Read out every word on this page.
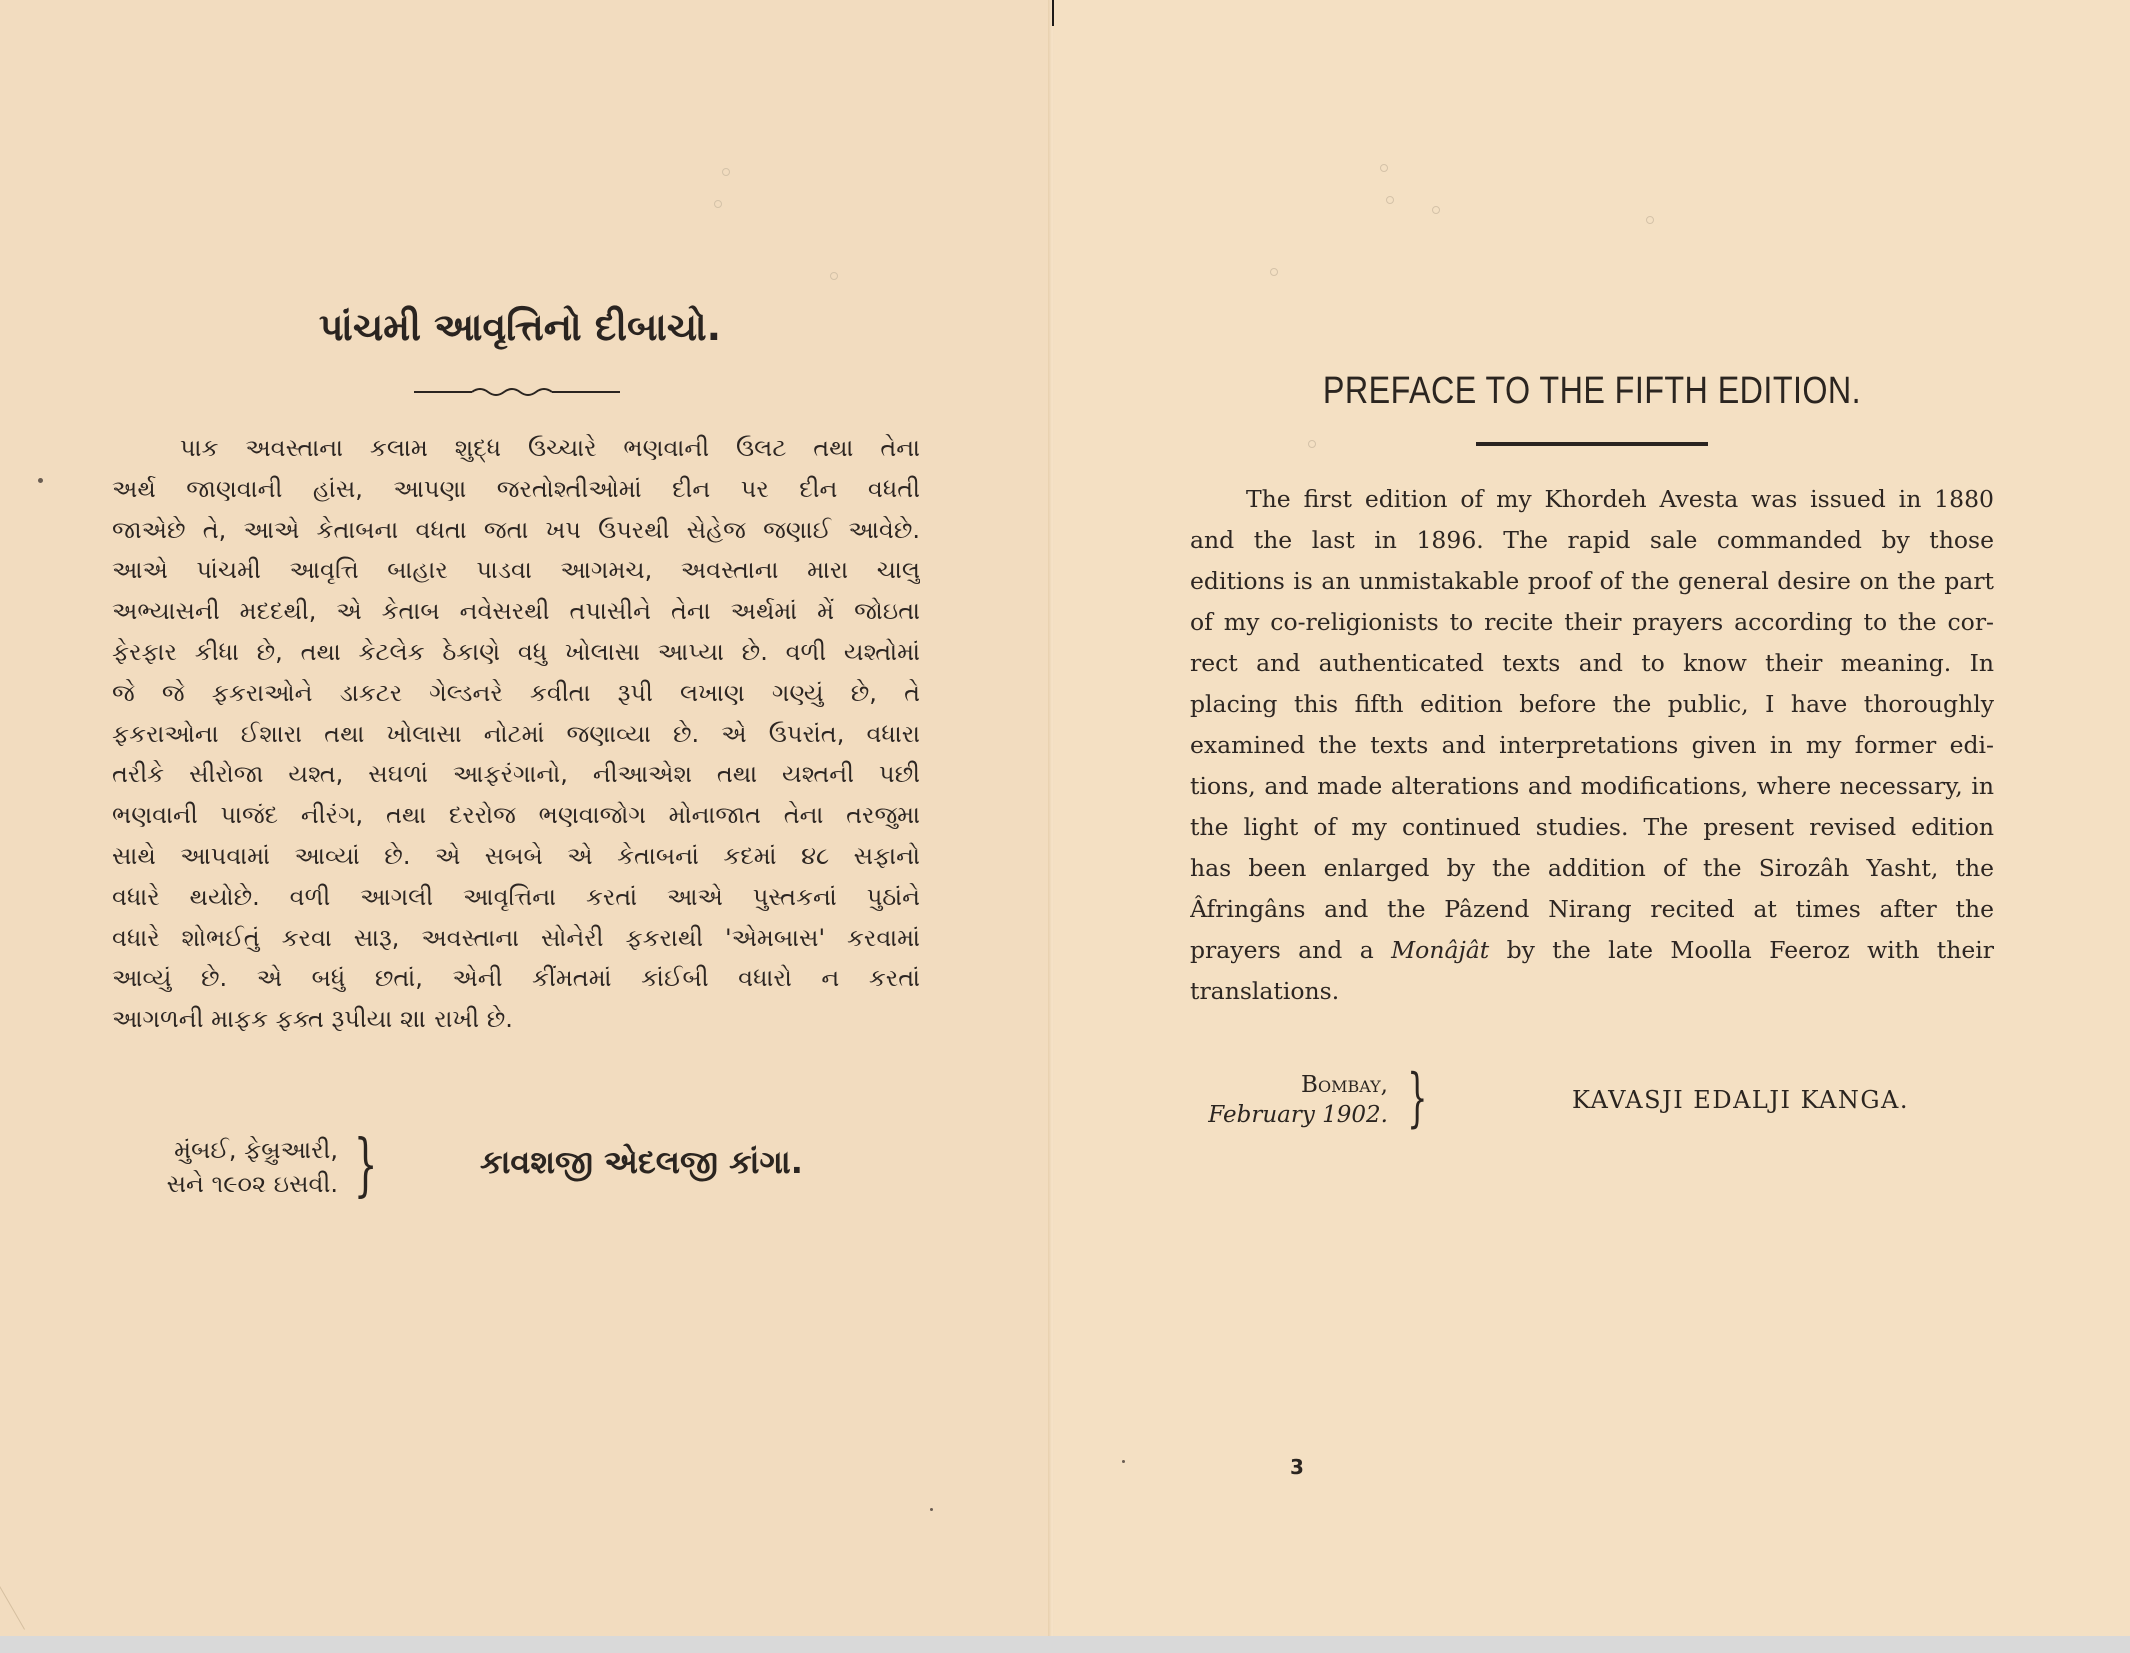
પાંચમી આવૃત્તિનો દીબાચો.
પાક અવસ્તાના કલામ શુદ્ધ ઉચ્ચારે ભણવાની ઉલટ તથા તેના
અર્થ જાણવાની હાંસ, આપણા જરતોશ્તીઓમાં દીન પર દીન વધતી
જાએછે તે, આએ કેતાબના વધતા જતા ખપ ઉપરથી સેહેજ જણાઈ આવેછે.
આએ પાંચમી આવૃત્તિ બાહાર પાડવા આગમચ, અવસ્તાના મારા ચાલુ
અભ્યાસની મદદથી, એ કેતાબ નવેસરથી તપાસીને તેના અર્થમાં મેં જોઇતા
ફેરફાર કીધા છે, તથા કેટલેક ઠેકાણે વધુ ખોલાસા આપ્યા છે. વળી યશ્તોમાં
જે જે ફકરાઓને ડાકટર ગેલ્ડનરે કવીતા રૂપી લખાણ ગણ્યું છે, તે
ફકરાઓના ઈશારા તથા ખોલાસા નોટમાં જણાવ્યા છે. એ ઉપરાંત, વધારા
તરીકે સીરોજા યશ્ત, સઘળાં આફરંગાનો, નીઆએશ તથા યશ્તની પછી
ભણવાની પાજંદ નીરંગ, તથા દરરોજ ભણવાજોગ મોનાજાત તેના તરજુમા
સાથે આપવામાં આવ્યાં છે. એ સબબે એ કેતાબનાં કદમાં ૪૮ સફાનો
વધારે થયોછે. વળી આગલી આવૃત્તિના કરતાં આએ પુસ્તકનાં પુઠાંને
વધારે શોભઈતું કરવા સારૂ, અવસ્તાના સોનેરી ફકરાથી 'એમબાસ' કરવામાં
આવ્યું છે. એ બધું છતાં, એની કીંમતમાં કાંઈબી વધારો ન કરતાં
આગળની માફક ફક્ત રૂપીયા ૨॥ રાખી છે.
મુંબઈ, ફેબ્રુઆરી,
સને ૧૯૦૨ ઇસવી. }	કાવશજી એદલજી કાંગા.
PREFACE TO THE FIFTH EDITION.
The first edition of my Khordeh Avesta was issued in 1880
and the last in 1896. The rapid sale commanded by those
editions is an unmistakable proof of the general desire on the part
of my co-religionists to recite their prayers according to the cor-
rect and authenticated texts and to know their meaning. In
placing this fifth edition before the public, I have thoroughly
examined the texts and interpretations given in my former edi-
tions, and made alterations and modifications, where necessary, in
the light of my continued studies. The present revised edition
has been enlarged by the addition of the Sirozâh Yasht, the
Âfringâns and the Pâzend Nirang recited at times after the
prayers and a Monâjât by the late Moolla Feeroz with their
translations.
Bombay,
February 1902. }	KAVASJI EDALJI KANGA.
3
